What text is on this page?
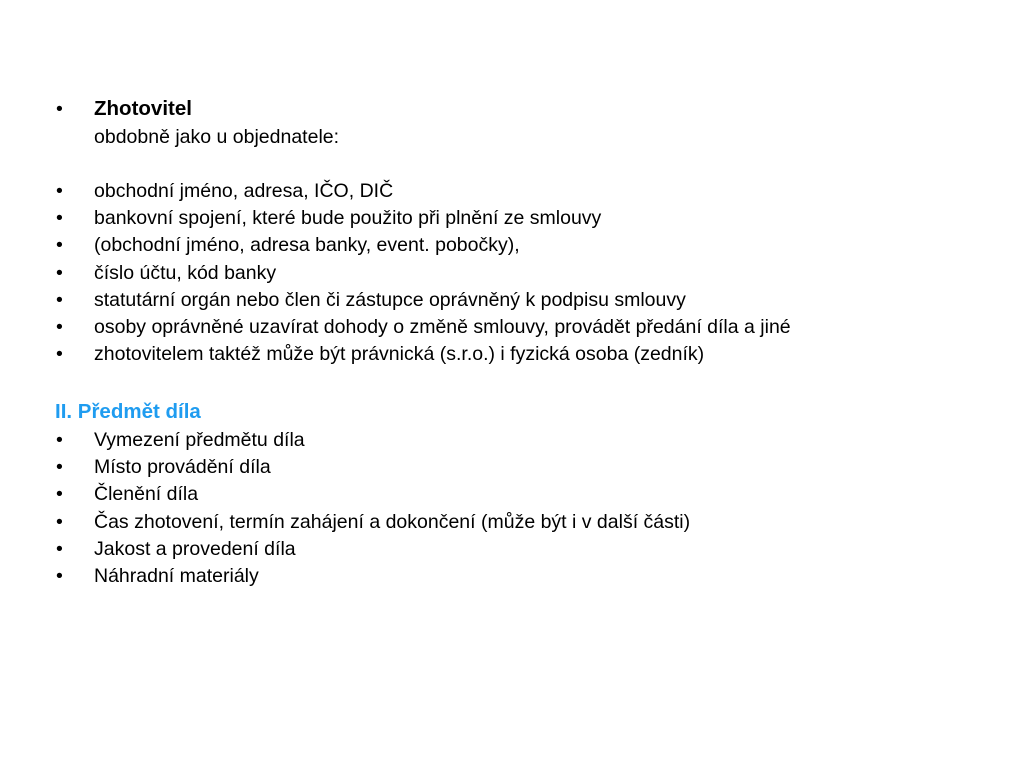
• Zhotovitel
obdobně jako u objednatele:
• obchodní jméno, adresa, IČO, DIČ
• bankovní spojení, které bude použito při plnění ze smlouvy
• (obchodní jméno, adresa banky, event. pobočky),
• číslo účtu, kód banky
• statutární orgán nebo člen či zástupce oprávněný k podpisu smlouvy
• osoby oprávněné uzavírat dohody o změně smlouvy, provádět předání díla a jiné
• zhotovitelem taktéž může být právnická (s.r.o.) i fyzická osoba (zedník)
II. Předmět díla
• Vymezení předmětu díla
• Místo provádění díla
• Členění díla
• Čas zhotovení, termín zahájení a dokončení (může být i v další části)
• Jakost a provedení díla
• Náhradní materiály
